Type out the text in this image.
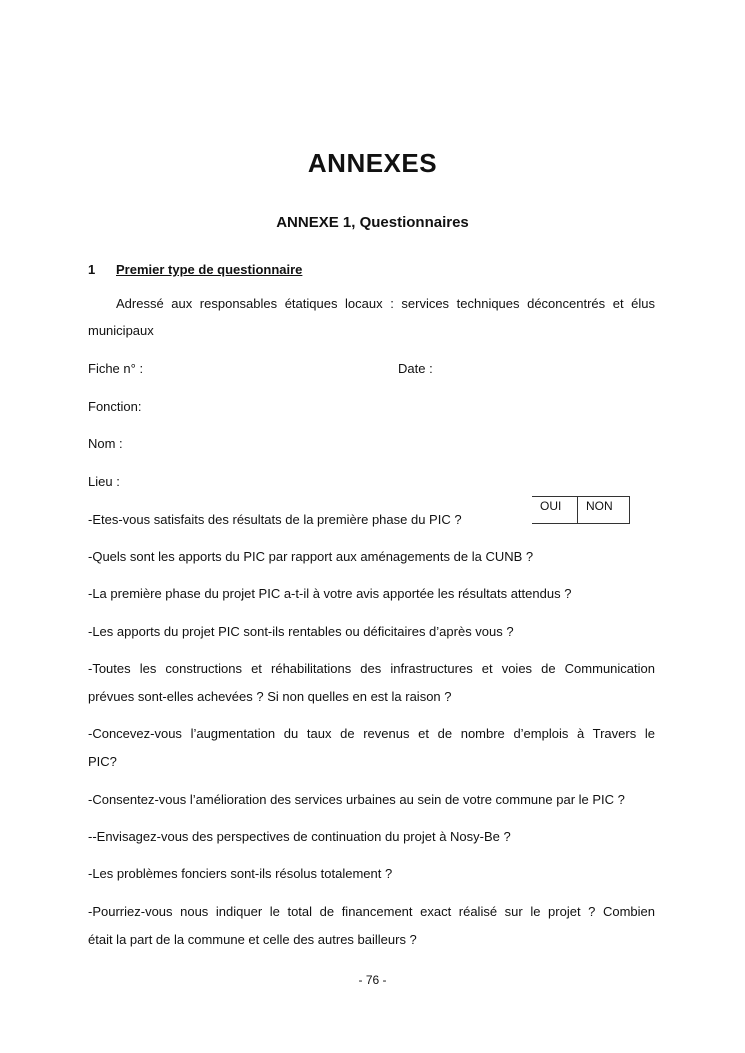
ANNEXES
ANNEXE 1, Questionnaires
1 Premier type de questionnaire
Adressé aux responsables étatiques locaux : services techniques déconcentrés et élus
municipaux
Fiche n° :	Date :
Fonction:
Nom :
Lieu :
OUI	NON
-Etes-vous satisfaits des résultats de la première phase du PIC ?
-Quels sont les apports du PIC par rapport aux aménagements de la CUNB ?
-La première phase du projet PIC a-t-il à votre avis apportée les résultats attendus ?
-Les apports du projet PIC sont-ils rentables ou déficitaires d’après vous ?
-Toutes les constructions et réhabilitations des infrastructures et voies de Communication
prévues sont-elles achevées ? Si non quelles en est la raison ?
-Concevez-vous l’augmentation du taux de revenus et de nombre d’emplois à Travers le
PIC?
-Consentez-vous l’amélioration des services urbaines au sein de votre commune par le PIC ?
--Envisagez-vous des perspectives de continuation du projet à Nosy-Be ?
-Les problèmes fonciers sont-ils résolus totalement ?
-Pourriez-vous nous indiquer le total de financement exact réalisé sur le projet ? Combien
était la part de la commune et celle des autres bailleurs ?
- 76 -
